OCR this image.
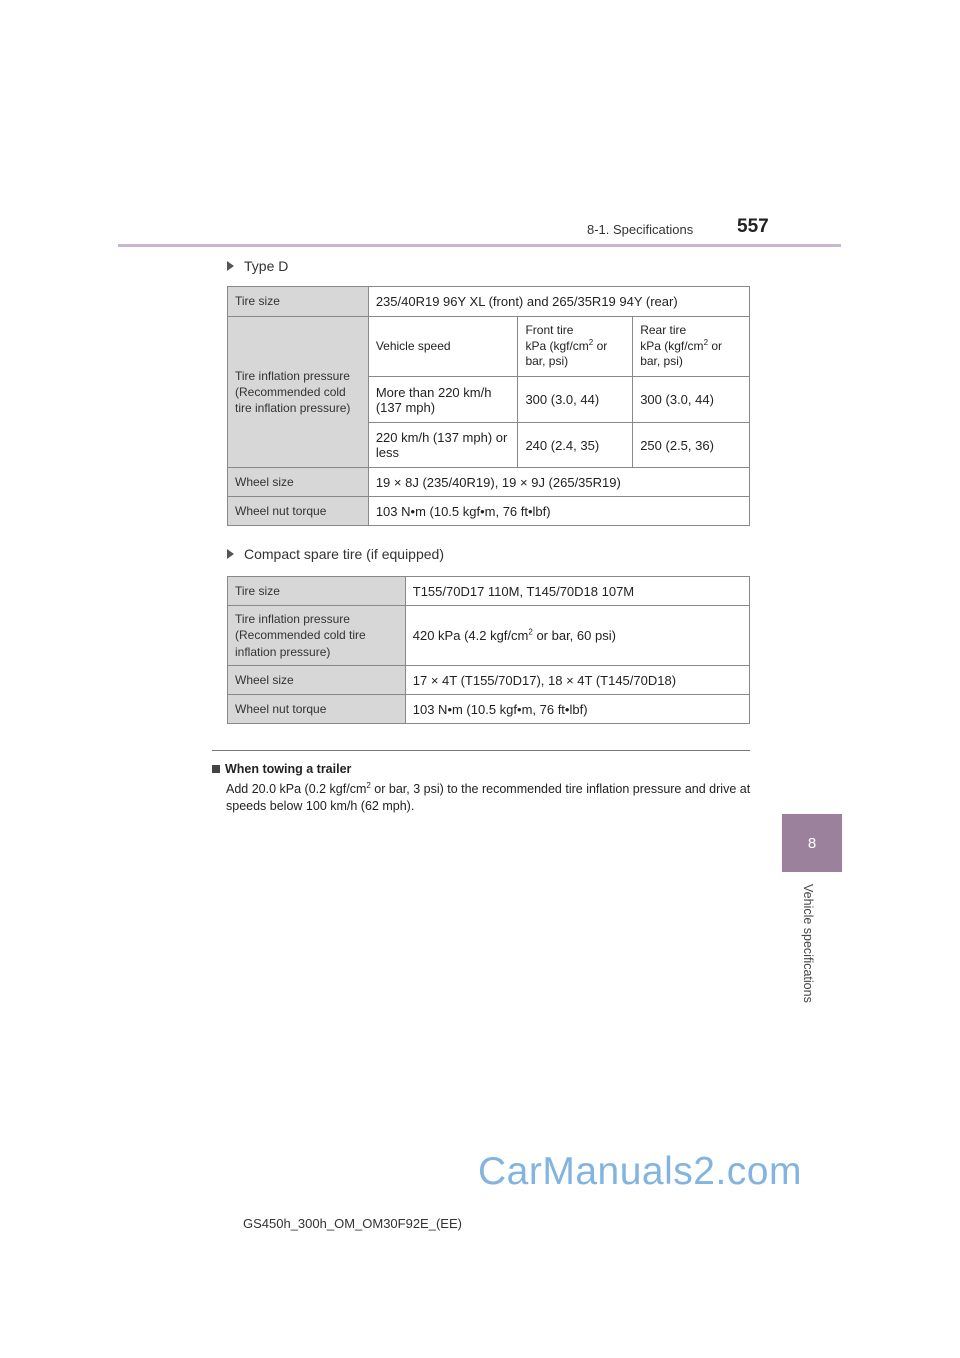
8-1. Specifications 557
8
Vehicle specifications
Type D
Tire size	235/40R19 96Y XL (front) and 265/35R19 94Y (rear)		
Tire inflation pressure (Recommended cold tire inflation pressure)	Vehicle speed	Front tire
kPa ($kgf/cm^2$ or
bar, psi)	Rear tire
kPa ($kgf/cm^2$ or
bar, psi)
	More than 220 km/h (137 mph)	300 (3.0, 44)	300 (3.0, 44)
	220 km/h (137 mph) or less	240 (2.4, 35)	250 (2.5, 36)
Wheel size	19 × 8J (235/40R19), 19 × 9J (265/35R19)		
Wheel nut torque	103 N•m (10.5 kgf•m, 76 ft•lbf)		
Compact spare tire (if equipped)
Tire size	T155/70D17 110M, T145/70D18 107M
Tire inflation pressure (Recommended cold tire inflation pressure)	420 kPa (4.2 kgf/$cm^2$ or bar, 60 psi)
Wheel size	17 × 4T (T155/70D17), 18 × 4T (T145/70D18)
Wheel nut torque	103 N•m (10.5 kgf•m, 76 ft•lbf)
When towing a trailer
Add 20.0 kPa (0.2 kgf/$cm^2$ or bar, 3 psi) to the recommended tire inflation pressure and drive at speeds below 100 km/h (62 mph).
CarManuals2.com
GS450h_300h_OM_OM30F92E_(EE)
